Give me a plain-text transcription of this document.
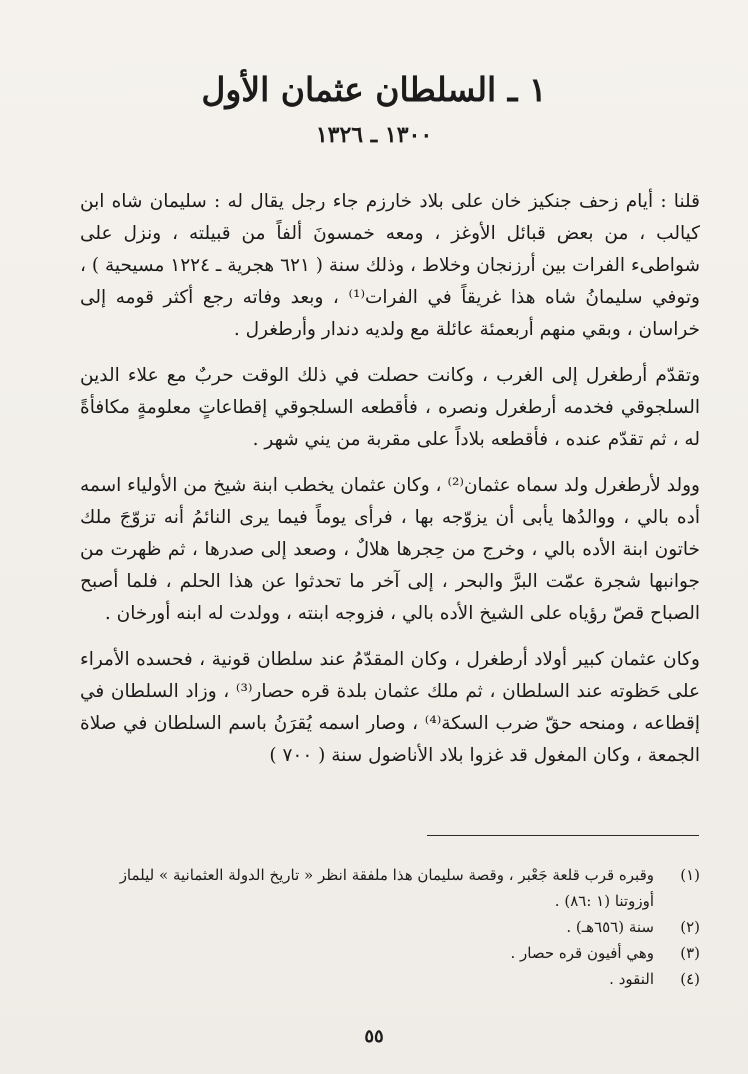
١ ـ السلطان عثمان الأول
١٣٠٠ ـ ١٣٢٦

قلنا : أيام زحف جنكيز خان على بلاد خارزم جاء رجل يقال له : سليمان شاه ابن كيالب ، من بعض قبائل الأوغز ، ومعه خمسونَ ألفاً من قبيلته ، ونزل على شواطىء الفرات بين أرزنجان وخلاط ، وذلك سنة ( ٦٢١ هجرية ـ ١٢٢٤ مسيحية ) ، وتوفي سليمانُ شاه هذا غريقاً في الفرات⁽¹⁾ ، وبعد وفاته رجع أكثر قومه إلى خراسان ، وبقي منهم أربعمئة عائلة مع ولديه دندار وأرطغرل .

وتقدّم أرطغرل إلى الغرب ، وكانت حصلت في ذلك الوقت حربٌ مع علاء الدين السلجوقي فخدمه أرطغرل ونصره ، فأقطعه السلجوقي إقطاعاتٍ معلومةٍ مكافأةً له ، ثم تقدّم عنده ، فأقطعه بلاداً على مقربة من يني شهر .

وولد لأرطغرل ولد سماه عثمان⁽²⁾ ، وكان عثمان يخطب ابنة شيخ من الأولياء اسمه أده بالي ، ووالدُها يأبى أن يزوّجه بها ، فرأى يوماً فيما يرى النائمُ أنه تزوّجَ ملك خاتون ابنة الأده بالي ، وخرج من حِجرها هلالٌ ، وصعد إلى صدرها ، ثم ظهرت من جوانبها شجرة عمّت البرَّ والبحر ، إلى آخر ما تحدثوا عن هذا الحلم ، فلما أصبح الصباح قصّ رؤياه على الشيخ الأده بالي ، فزوجه ابنته ، وولدت له ابنه أورخان .

وكان عثمان كبير أولاد أرطغرل ، وكان المقدّمُ عند سلطان قونية ، فحسده الأمراء على حَظوته عند السلطان ، ثم ملك عثمان بلدة قره حصار⁽³⁾ ، وزاد السلطان في إقطاعه ، ومنحه حقّ ضرب السكة⁽⁴⁾ ، وصار اسمه يُقرَنُ باسم السلطان في صلاة الجمعة ، وكان المغول قد غزوا بلاد الأناضول سنة ( ٧٠٠ )

(١)
وقبره قرب قلعة جَعْبر ، وقصة سليمان هذا ملفقة انظر « تاريخ الدولة العثمانية » ليلماز أوزوتنا (١ :٨٦) .
(٢)
سنة (٦٥٦هـ) .
(٣)
وهي أفيون قره حصار .
(٤)
النقود .
٥٥
